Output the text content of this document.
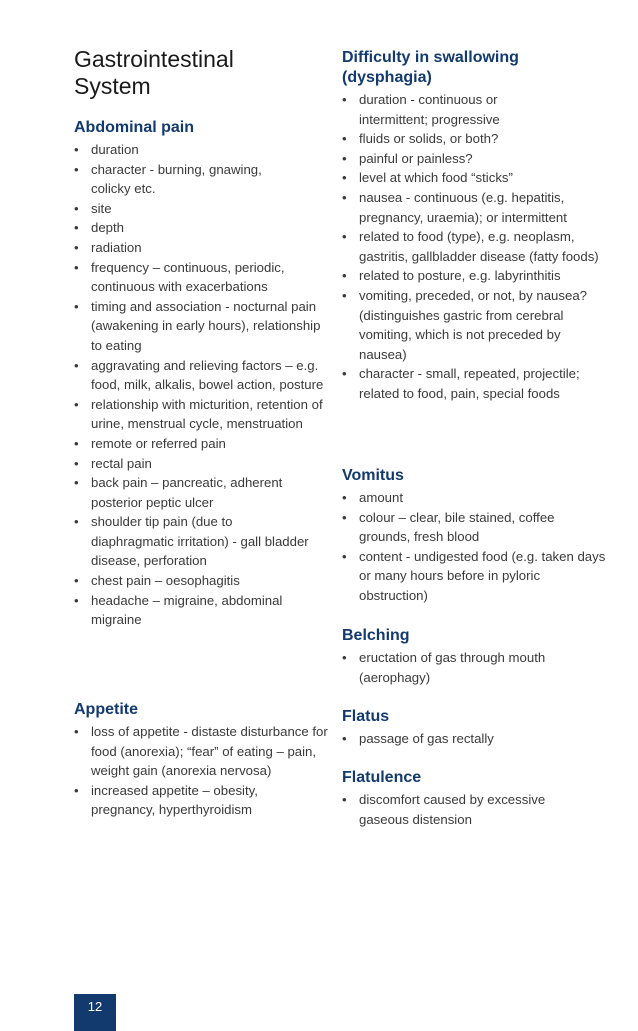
Gastrointestinal System
Abdominal pain
• duration
• character - burning, gnawing, colicky etc.
• site
• depth
• radiation
• frequency – continuous, periodic, continuous with exacerbations
• timing and association - nocturnal pain (awakening in early hours), relationship to eating
• aggravating and relieving factors – e.g. food, milk, alkalis, bowel action, posture
• relationship with micturition, retention of urine, menstrual cycle, menstruation
• remote or referred pain
• rectal pain
• back pain – pancreatic, adherent posterior peptic ulcer
• shoulder tip pain (due to diaphragmatic irritation) - gall bladder disease, perforation
• chest pain – oesophagitis
• headache – migraine, abdominal migraine
Appetite
• loss of appetite - distaste disturbance for food (anorexia); “fear” of eating – pain, weight gain (anorexia nervosa)
• increased appetite – obesity, pregnancy, hyperthyroidism
Difficulty in swallowing (dysphagia)
• duration - continuous or intermittent; progressive
• fluids or solids, or both?
• painful or painless?
• level at which food “sticks”
• nausea - continuous (e.g. hepatitis, pregnancy, uraemia); or intermittent
• related to food (type), e.g. neoplasm, gastritis, gallbladder disease (fatty foods)
• related to posture, e.g. labyrinthitis
• vomiting, preceded, or not, by nausea? (distinguishes gastric from cerebral vomiting, which is not preceded by nausea)
• character - small, repeated, projectile; related to food, pain, special foods
Vomitus
• amount
• colour – clear, bile stained, coffee grounds, fresh blood
• content - undigested food (e.g. taken days or many hours before in pyloric obstruction)
Belching
• eructation of gas through mouth (aerophagy)
Flatus
• passage of gas rectally
Flatulence
• discomfort caused by excessive gaseous distension
12
